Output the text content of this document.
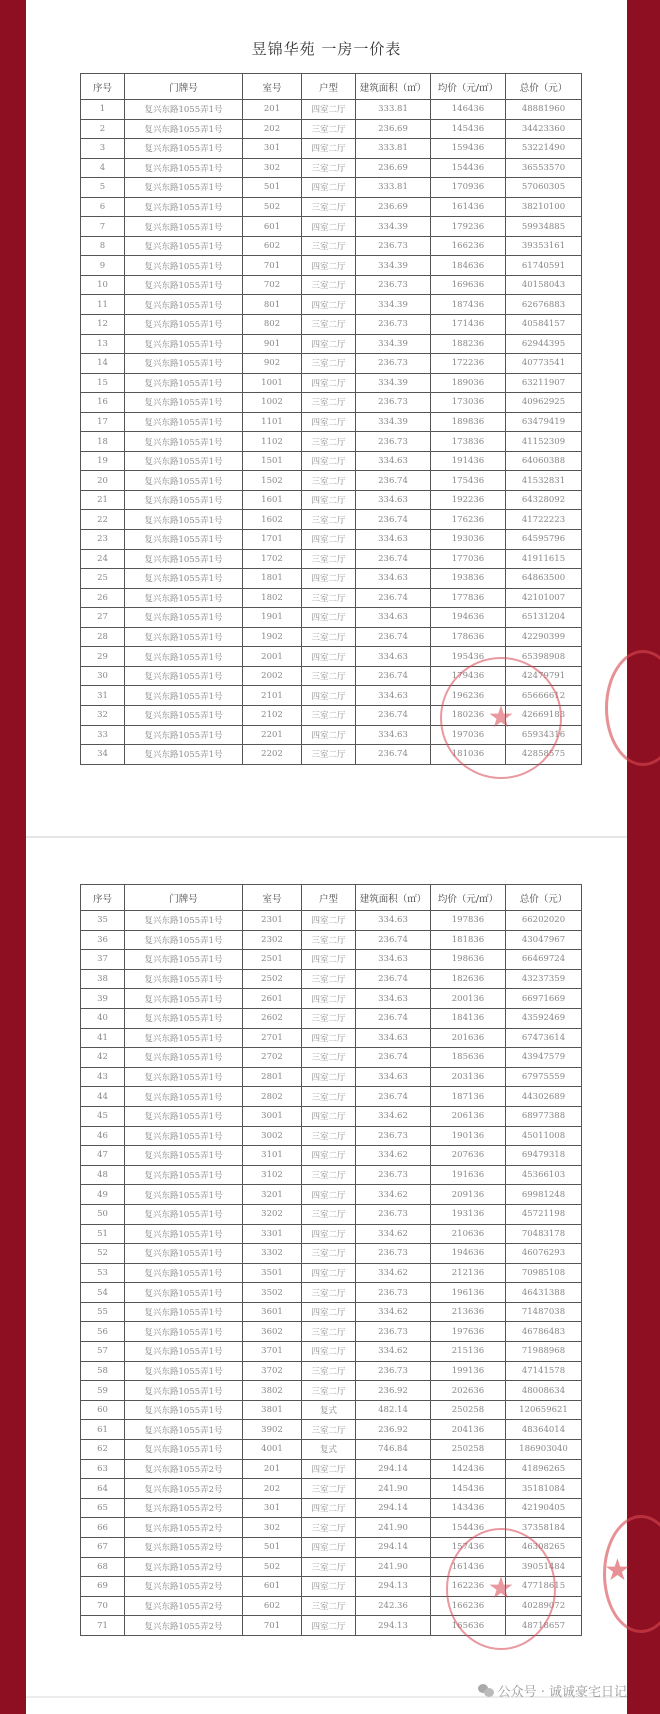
昱锦华苑 一房一价表
序号	门牌号	室号	户型	建筑面积（㎡）	均价（元/㎡）	总价（元）
1	复兴东路1055弄1号	201	四室二厅	333.81	146436	48881960
2	复兴东路1055弄1号	202	三室二厅	236.69	145436	34423360
3	复兴东路1055弄1号	301	四室二厅	333.81	159436	53221490
4	复兴东路1055弄1号	302	三室二厅	236.69	154436	36553570
5	复兴东路1055弄1号	501	四室二厅	333.81	170936	57060305
6	复兴东路1055弄1号	502	三室二厅	236.69	161436	38210100
7	复兴东路1055弄1号	601	四室二厅	334.39	179236	59934885
8	复兴东路1055弄1号	602	三室二厅	236.73	166236	39353161
9	复兴东路1055弄1号	701	四室二厅	334.39	184636	61740591
10	复兴东路1055弄1号	702	三室二厅	236.73	169636	40158043
11	复兴东路1055弄1号	801	四室二厅	334.39	187436	62676883
12	复兴东路1055弄1号	802	三室二厅	236.73	171436	40584157
13	复兴东路1055弄1号	901	四室二厅	334.39	188236	62944395
14	复兴东路1055弄1号	902	三室二厅	236.73	172236	40773541
15	复兴东路1055弄1号	1001	四室二厅	334.39	189036	63211907
16	复兴东路1055弄1号	1002	三室二厅	236.73	173036	40962925
17	复兴东路1055弄1号	1101	四室二厅	334.39	189836	63479419
18	复兴东路1055弄1号	1102	三室二厅	236.73	173836	41152309
19	复兴东路1055弄1号	1501	四室二厅	334.63	191436	64060388
20	复兴东路1055弄1号	1502	三室二厅	236.74	175436	41532831
21	复兴东路1055弄1号	1601	四室二厅	334.63	192236	64328092
22	复兴东路1055弄1号	1602	三室二厅	236.74	176236	41722223
23	复兴东路1055弄1号	1701	四室二厅	334.63	193036	64595796
24	复兴东路1055弄1号	1702	三室二厅	236.74	177036	41911615
25	复兴东路1055弄1号	1801	四室二厅	334.63	193836	64863500
26	复兴东路1055弄1号	1802	三室二厅	236.74	177836	42101007
27	复兴东路1055弄1号	1901	四室二厅	334.63	194636	65131204
28	复兴东路1055弄1号	1902	三室二厅	236.74	178636	42290399
29	复兴东路1055弄1号	2001	四室二厅	334.63	195436	65398908
30	复兴东路1055弄1号	2002	三室二厅	236.74	179436	42479791
31	复兴东路1055弄1号	2101	四室二厅	334.63	196236	65666612
32	复兴东路1055弄1号	2102	三室二厅	236.74	180236	42669183
33	复兴东路1055弄1号	2201	四室二厅	334.63	197036	65934316
34	复兴东路1055弄1号	2202	三室二厅	236.74	181036	42858575
★
序号	门牌号	室号	户型	建筑面积（㎡）	均价（元/㎡）	总价（元）
35	复兴东路1055弄1号	2301	四室二厅	334.63	197836	66202020
36	复兴东路1055弄1号	2302	三室二厅	236.74	181836	43047967
37	复兴东路1055弄1号	2501	四室二厅	334.63	198636	66469724
38	复兴东路1055弄1号	2502	三室二厅	236.74	182636	43237359
39	复兴东路1055弄1号	2601	四室二厅	334.63	200136	66971669
40	复兴东路1055弄1号	2602	三室二厅	236.74	184136	43592469
41	复兴东路1055弄1号	2701	四室二厅	334.63	201636	67473614
42	复兴东路1055弄1号	2702	三室二厅	236.74	185636	43947579
43	复兴东路1055弄1号	2801	四室二厅	334.63	203136	67975559
44	复兴东路1055弄1号	2802	三室二厅	236.74	187136	44302689
45	复兴东路1055弄1号	3001	四室二厅	334.62	206136	68977388
46	复兴东路1055弄1号	3002	三室二厅	236.73	190136	45011008
47	复兴东路1055弄1号	3101	四室二厅	334.62	207636	69479318
48	复兴东路1055弄1号	3102	三室二厅	236.73	191636	45366103
49	复兴东路1055弄1号	3201	四室二厅	334.62	209136	69981248
50	复兴东路1055弄1号	3202	三室二厅	236.73	193136	45721198
51	复兴东路1055弄1号	3301	四室二厅	334.62	210636	70483178
52	复兴东路1055弄1号	3302	三室二厅	236.73	194636	46076293
53	复兴东路1055弄1号	3501	四室二厅	334.62	212136	70985108
54	复兴东路1055弄1号	3502	三室二厅	236.73	196136	46431388
55	复兴东路1055弄1号	3601	四室二厅	334.62	213636	71487038
56	复兴东路1055弄1号	3602	三室二厅	236.73	197636	46786483
57	复兴东路1055弄1号	3701	四室二厅	334.62	215136	71988968
58	复兴东路1055弄1号	3702	三室二厅	236.73	199136	47141578
59	复兴东路1055弄1号	3802	三室二厅	236.92	202636	48008634
60	复兴东路1055弄1号	3801	复式	482.14	250258	120659621
61	复兴东路1055弄1号	3902	三室二厅	236.92	204136	48364014
62	复兴东路1055弄1号	4001	复式	746.84	250258	186903040
63	复兴东路1055弄2号	201	四室二厅	294.14	142436	41896265
64	复兴东路1055弄2号	202	三室二厅	241.90	145436	35181084
65	复兴东路1055弄2号	301	四室二厅	294.14	143436	42190405
66	复兴东路1055弄2号	302	三室二厅	241.90	154436	37358184
67	复兴东路1055弄2号	501	四室二厅	294.14	157436	46308265
68	复兴东路1055弄2号	502	三室二厅	241.90	161436	39051484
69	复兴东路1055弄2号	601	四室二厅	294.13	162236	47718615
70	复兴东路1055弄2号	602	三室二厅	242.36	166236	40289072
71	复兴东路1055弄2号	701	四室二厅	294.13	165636	48718657
★
★
公众号 · 诚诚豪宅日记
